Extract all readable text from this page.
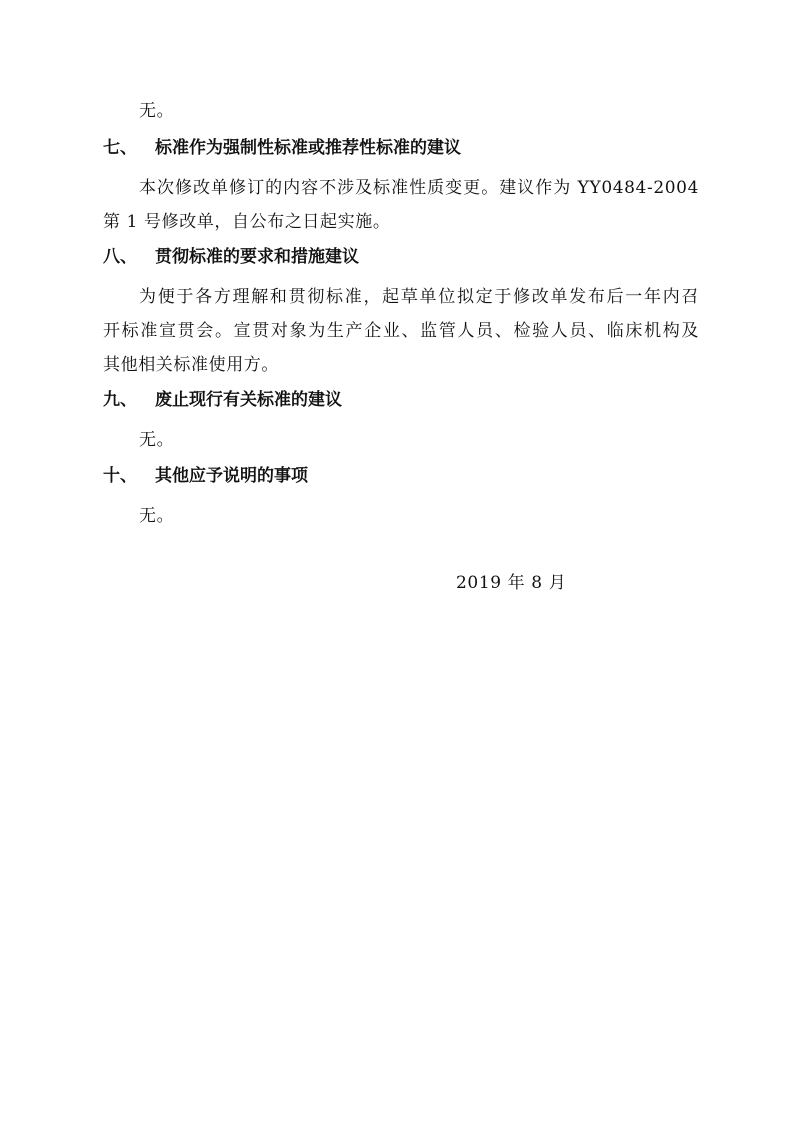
无。
七、 标准作为强制性标准或推荐性标准的建议
本次修改单修订的内容不涉及标准性质变更。建议作为 YY0484-2004
第 1 号修改单，自公布之日起实施。
八、 贯彻标准的要求和措施建议
为便于各方理解和贯彻标准，起草单位拟定于修改单发布后一年内召
开标准宣贯会。宣贯对象为生产企业、监管人员、检验人员、临床机构及
其他相关标准使用方。
九、 废止现行有关标准的建议
无。
十、 其他应予说明的事项
无。
2019 年 8 月
